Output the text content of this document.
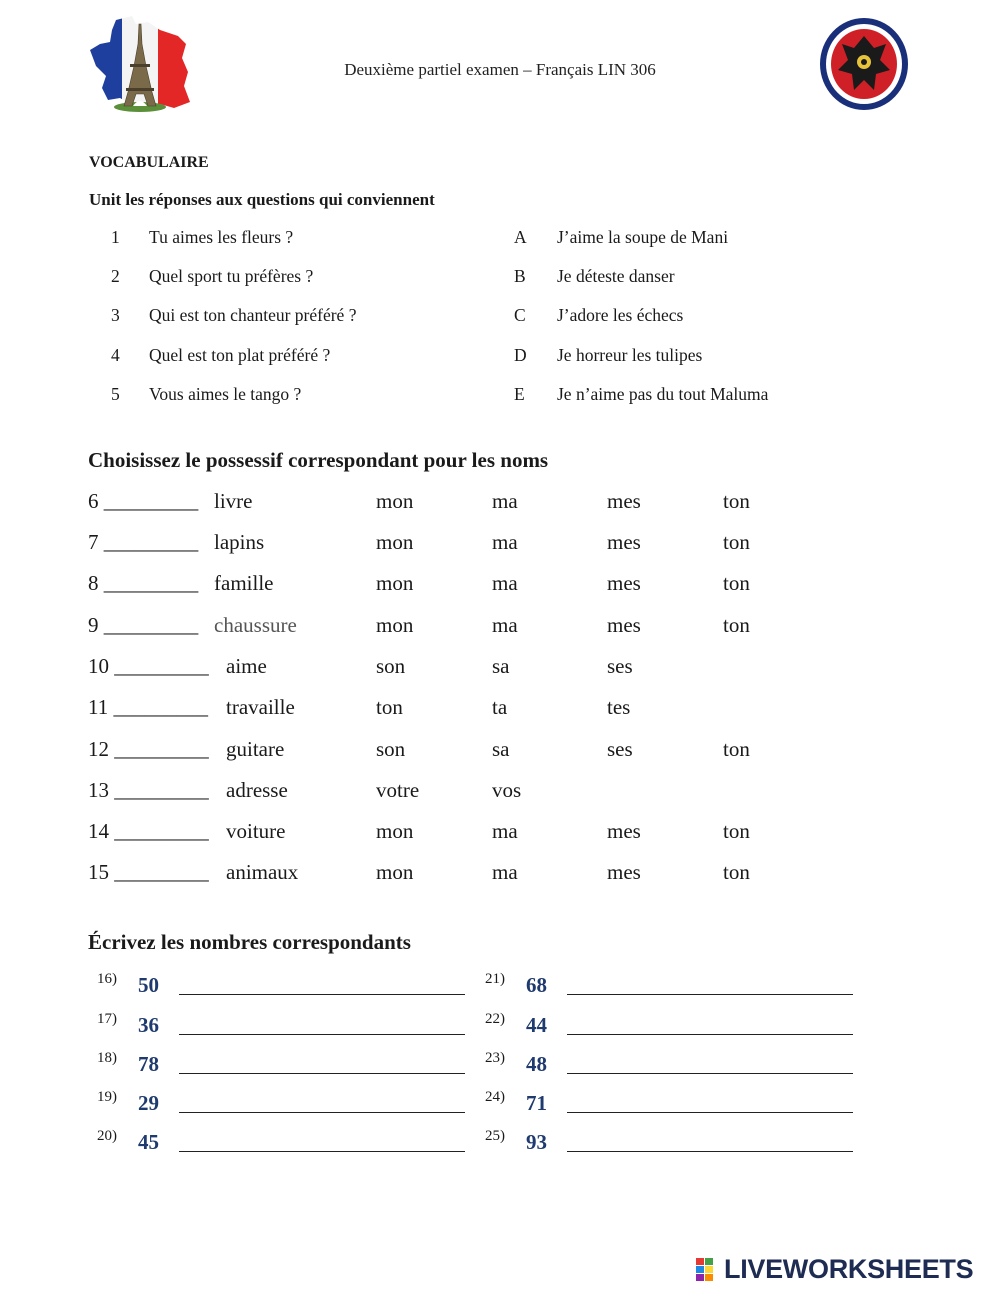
Deuxième partiel examen – Français LIN 306
VOCABULAIRE
Unit les réponses aux questions qui conviennent
1 Tu aimes les fleurs ?	A J’aime la soupe de Mani
2 Quel sport tu préfères ?	B Je déteste danser
3 Qui est ton chanteur préféré ?	C J’adore les échecs
4 Quel est ton plat préféré ?	D Je horreur les tulipes
5 Vous aimes le tango ?	E Je n’aime pas du tout Maluma
Choisissez le possessif correspondant pour les noms
6 _________ livre	mon	ma	mes	ton
7 _________ lapins	mon	ma	mes	ton
8 _________ famille	mon	ma	mes	ton
9 _________ chaussure	mon	ma	mes	ton
10 _________ aime	son	sa	ses
11 _________ travaille	ton	ta	tes
12 _________ guitare	son	sa	ses	ton
13 _________ adresse	votre	vos
14 _________ voiture	mon	ma	mes	ton
15 _________ animaux	mon	ma	mes	ton
Écrivez les nombres correspondants
16) 50
17) 36
18) 78
19) 29
20) 45
21) 68
22) 44
23) 48
24) 71
25) 93
LIVEWORKSHEETS
